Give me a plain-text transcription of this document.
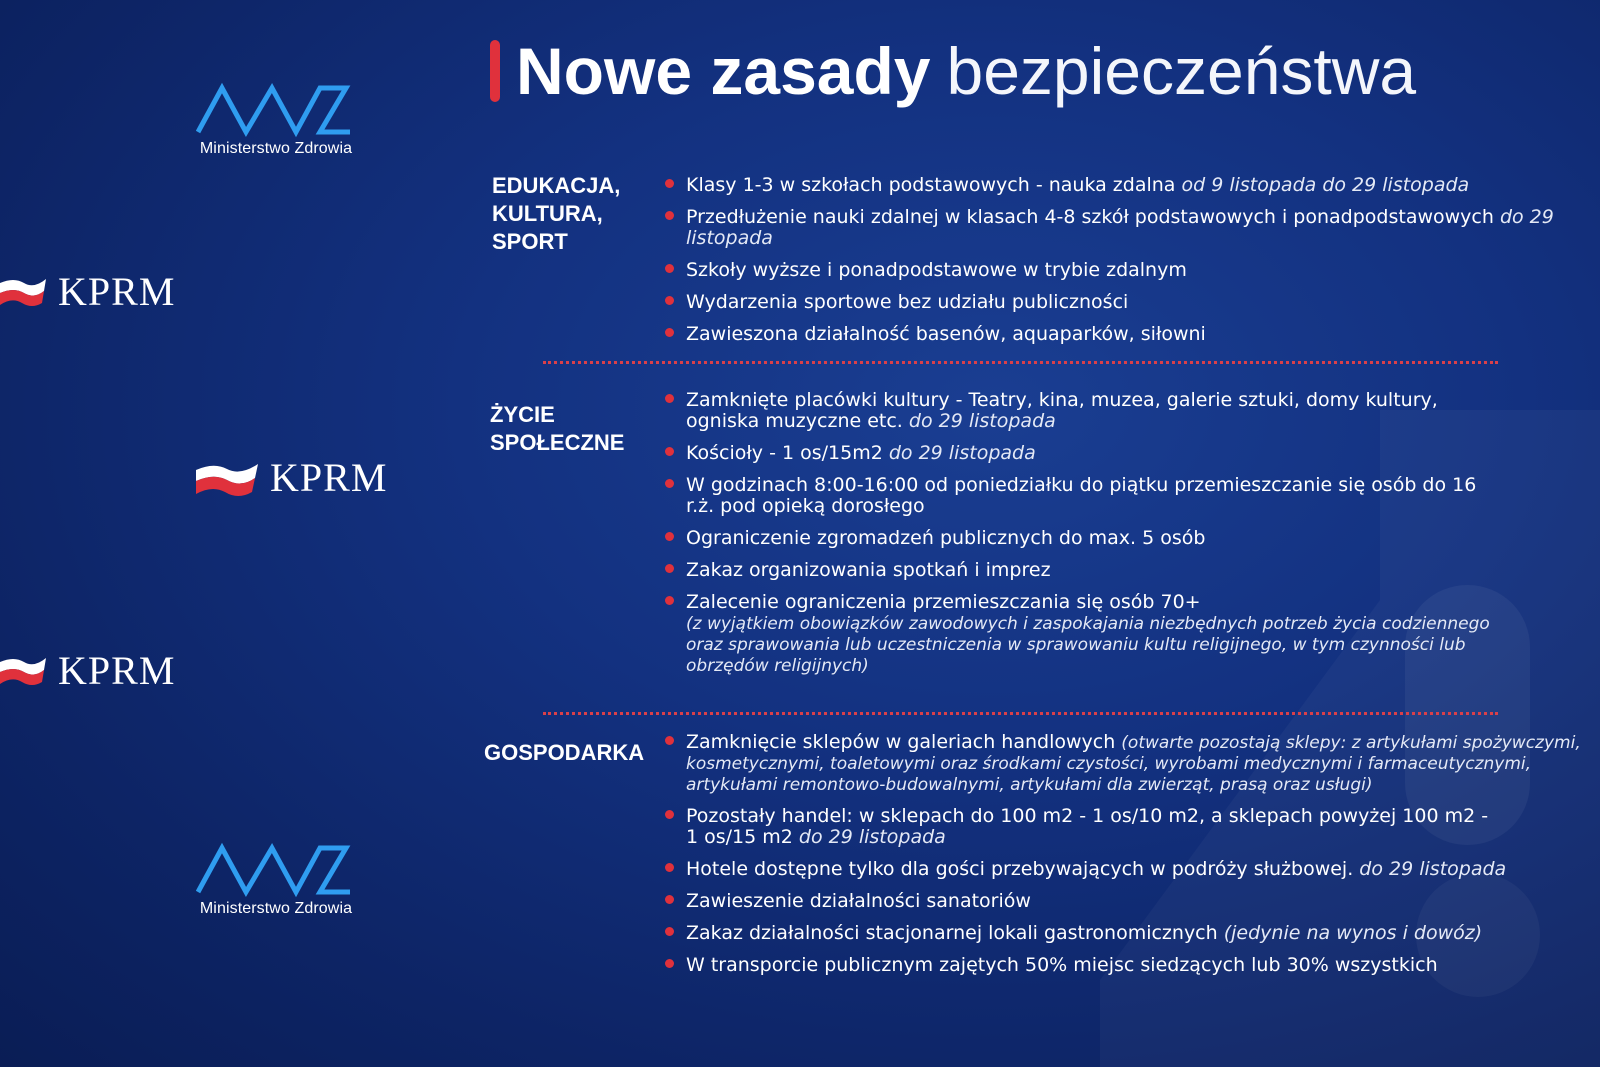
Ministerstwo Zdrowia
Ministerstwo Zdrowia
KPRM
KPRM
KPRM
Nowe zasady bezpieczeństwa
EDUKACJA,
KULTURA,
SPORT
Klasy 1-3 w szkołach podstawowych - nauka zdalna od 9 listopada do 29 listopada
Przedłużenie nauki zdalnej w klasach 4-8 szkół podstawowych i ponadpodstawowych do 29 listopada
Szkoły wyższe i ponadpodstawowe w trybie zdalnym
Wydarzenia sportowe bez udziału publiczności
Zawieszona działalność basenów, aquaparków, siłowni
ŻYCIE
SPOŁECZNE
Zamknięte placówki kultury - Teatry, kina, muzea, galerie sztuki, domy kultury, ogniska muzyczne etc. do 29 listopada
Kościoły - 1 os/15m2 do 29 listopada
W godzinach 8:00-16:00 od poniedziałku do piątku przemieszczanie się osób do 16 r.ż. pod opieką dorosłego
Ograniczenie zgromadzeń publicznych do max. 5 osób
Zakaz organizowania spotkań i imprez
Zalecenie ograniczenia przemieszczania się osób 70+
(z wyjątkiem obowiązków zawodowych i zaspokajania niezbędnych potrzeb życia codziennego oraz sprawowania lub uczestniczenia w sprawowaniu kultu religijnego, w tym czynności lub obrzędów religijnych)
GOSPODARKA	Zamknięcie sklepów w galeriach handlowych (otwarte pozostają sklepy: z artykułami spożywczymi, kosmetycznymi, toaletowymi oraz środkami czystości, wyrobami medycznymi i farmaceutycznymi, artykułami remontowo-budowalnymi, artykułami dla zwierząt, prasą oraz usługi)
Pozostały handel: w sklepach do 100 m2 - 1 os/10 m2, a sklepach powyżej 100 m2 - 1 os/15 m2 do 29 listopada
Hotele dostępne tylko dla gości przebywających w podróży służbowej. do 29 listopada
Zawieszenie działalności sanatoriów
Zakaz działalności stacjonarnej lokali gastronomicznych (jedynie na wynos i dowóz)
W transporcie publicznym zajętych 50% miejsc siedzących lub 30% wszystkich
